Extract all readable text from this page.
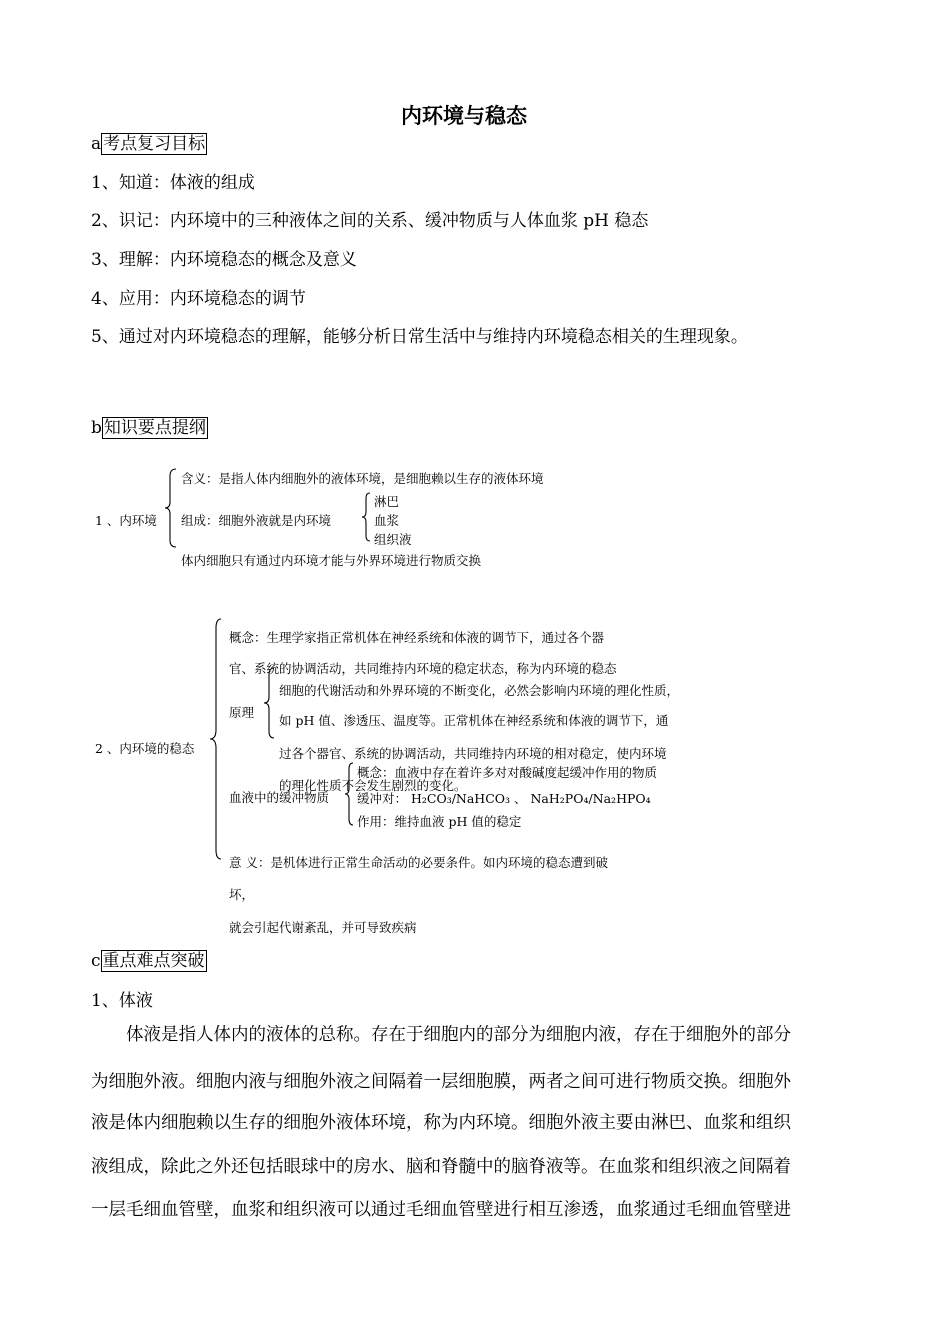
内环境与稳态
a 考点复习目标
1、知道：体液的组成
2、识记：内环境中的三种液体之间的关系、缓冲物质与人体血浆 pH 稳态
3、理解：内环境稳态的概念及意义
4、应用：内环境稳态的调节
5、通过对内环境稳态的理解，能够分析日常生活中与维持内环境稳态相关的生理现象。
b 知识要点提纲
1 、内环境
含义：是指人体内细胞外的液体环境，是细胞赖以生存的液体环境
组成：细胞外液就是内环境
淋巴
血浆
组织液
体内细胞只有通过内环境才能与外界环境进行物质交换
2 、内环境的稳态
概念：生理学家指正常机体在神经系统和体液的调节下，通过各个器
官、系统的协调活动，共同维持内环境的稳定状态，称为内环境的稳态
原理
细胞的代谢活动和外界环境的不断变化，必然会影响内环境的理化性质，
如 pH 值、渗透压、温度等。正常机体在神经系统和体液的调节下，通
过各个器官、系统的协调活动，共同维持内环境的相对稳定，使内环境
的理化性质不会发生剧烈的变化。
血液中的缓冲物质
概念：血液中存在着许多对对酸碱度起缓冲作用的物质
缓冲对： H₂CO₃/NaHCO₃ 、 NaH₂PO₄/Na₂HPO₄
作用：维持血液 pH 值的稳定
意 义：是机体进行正常生命活动的必要条件。如内环境的稳态遭到破
坏，
就会引起代谢紊乱，并可导致疾病
c 重点难点突破
1、体液
体液是指人体内的液体的总称。存在于细胞内的部分为细胞内液，存在于细胞外的部分
为细胞外液。细胞内液与细胞外液之间隔着一层细胞膜，两者之间可进行物质交换。细胞外
液是体内细胞赖以生存的细胞外液体环境，称为内环境。细胞外液主要由淋巴、血浆和组织
液组成，除此之外还包括眼球中的房水、脑和脊髓中的脑脊液等。在血浆和组织液之间隔着
一层毛细血管壁，血浆和组织液可以通过毛细血管壁进行相互渗透，血浆通过毛细血管壁进
